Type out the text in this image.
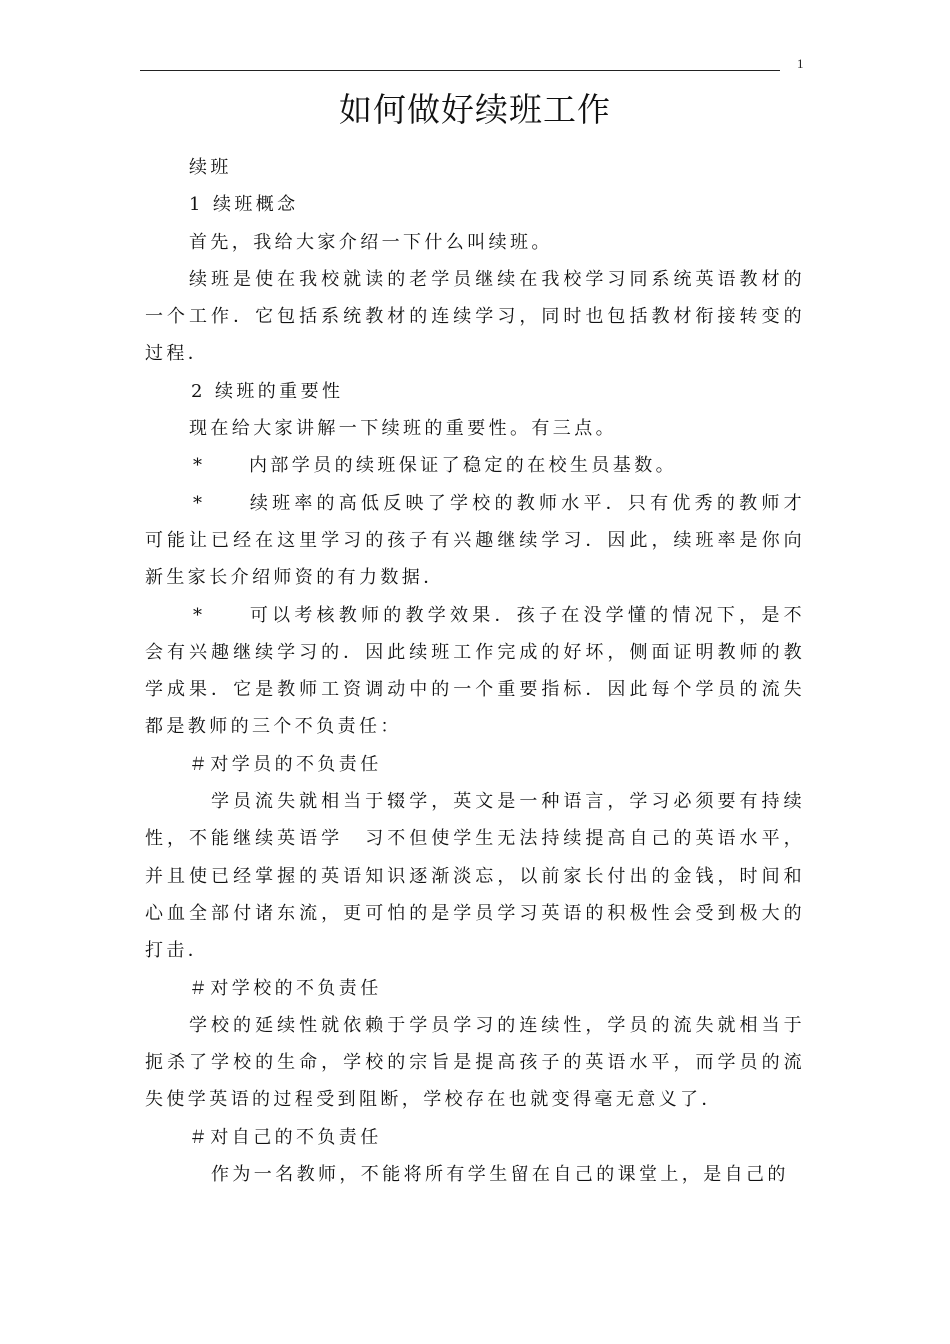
1
如何做好续班工作

续班

1 续班概念

首先，我给大家介绍一下什么叫续班。

续班是使在我校就读的老学员继续在我校学习同系统英语教材的一个工作．它包括系统教材的连续学习，同时也包括教材衔接转变的过程．

2 续班的重要性

现在给大家讲解一下续班的重要性。有三点。

* 内部学员的续班保证了稳定的在校生员基数。

* 续班率的高低反映了学校的教师水平．只有优秀的教师才可能让已经在这里学习的孩子有兴趣继续学习．因此，续班率是你向新生家长介绍师资的有力数据．

* 可以考核教师的教学效果．孩子在没学懂的情况下，是不会有兴趣继续学习的．因此续班工作完成的好坏，侧面证明教师的教学成果．它是教师工资调动中的一个重要指标．因此每个学员的流失都是教师的三个不负责任：

＃对学员的不负责任

学员流失就相当于辍学，英文是一种语言，学习必须要有持续性，不能继续英语学　习不但使学生无法持续提高自己的英语水平，并且使已经掌握的英语知识逐渐淡忘，以前家长付出的金钱，时间和心血全部付诸东流，更可怕的是学员学习英语的积极性会受到极大的打击．

＃对学校的不负责任

学校的延续性就依赖于学员学习的连续性，学员的流失就相当于扼杀了学校的生命，学校的宗旨是提高孩子的英语水平，而学员的流失使学英语的过程受到阻断，学校存在也就变得毫无意义了．

＃对自己的不负责任

作为一名教师，不能将所有学生留在自己的课堂上，是自己的
